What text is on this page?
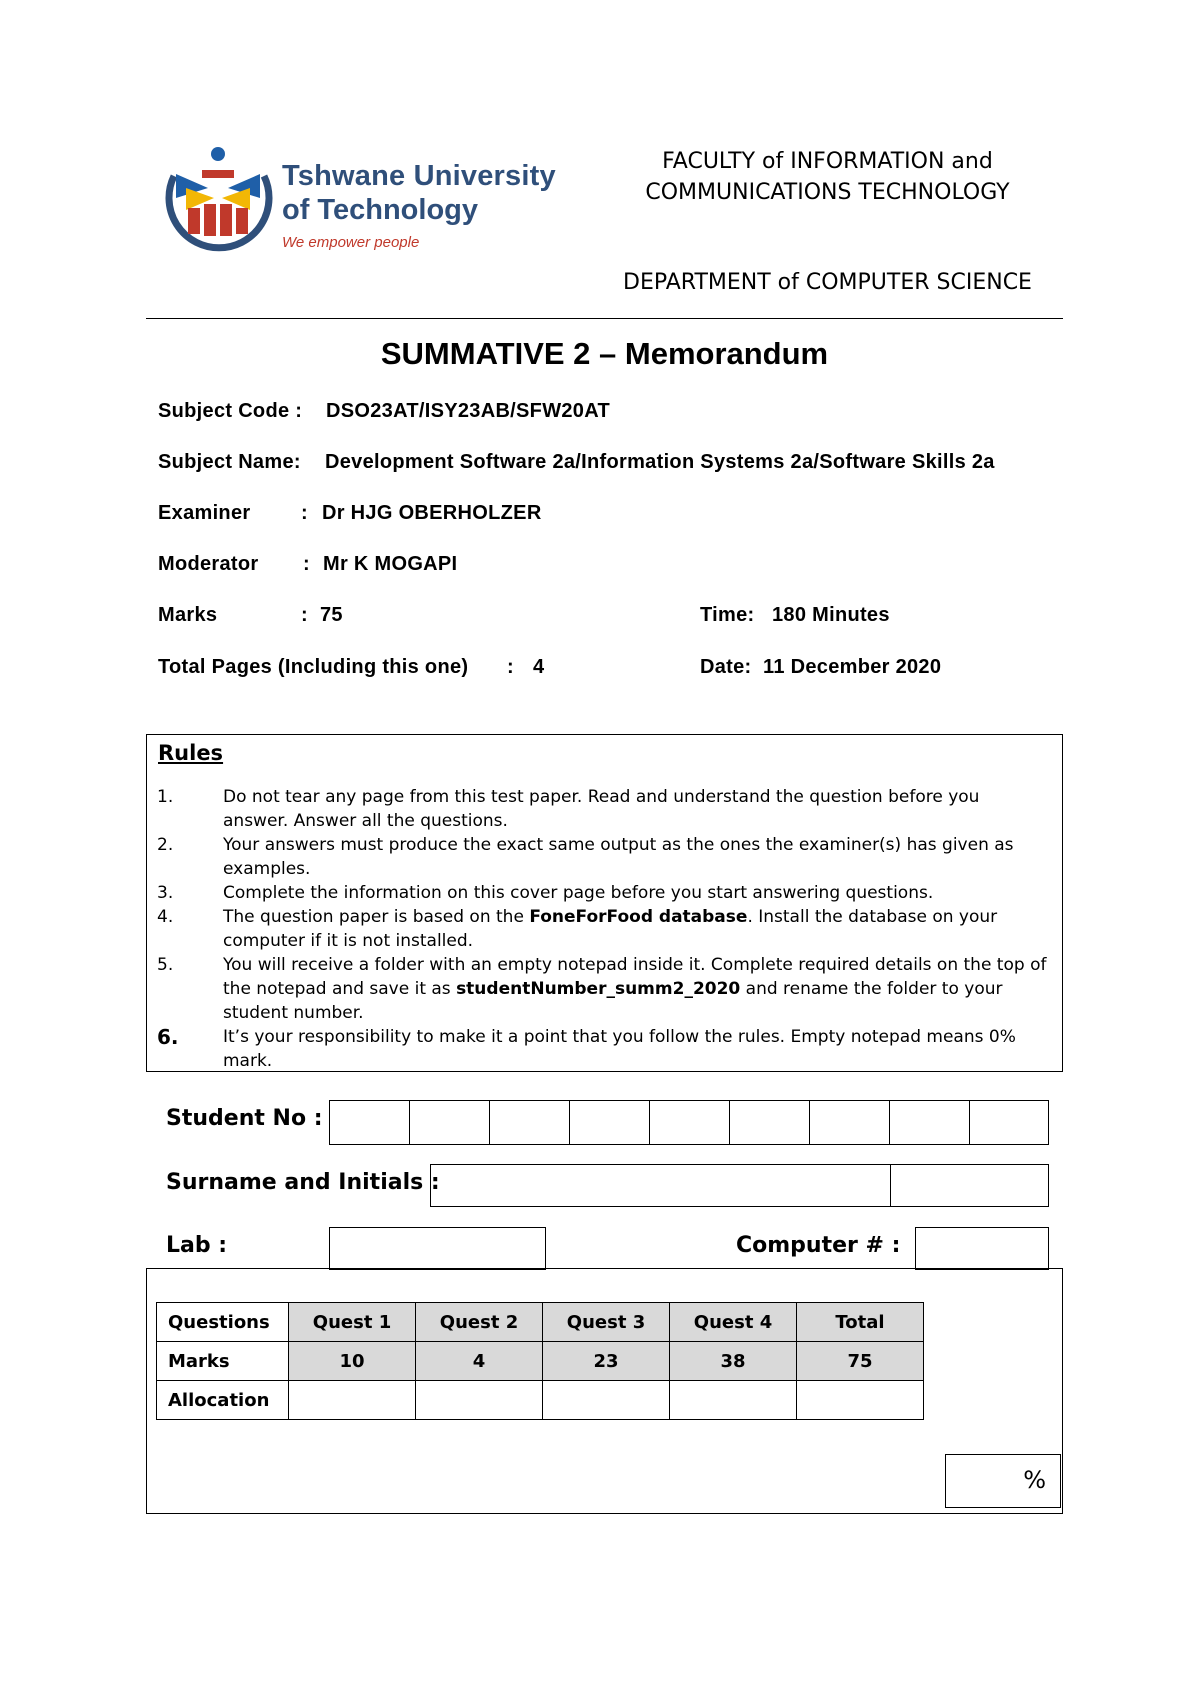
Tshwane University
of Technology
We empower people
FACULTY of INFORMATION and
COMMUNICATIONS TECHNOLOGY
DEPARTMENT of COMPUTER SCIENCE
SUMMATIVE 2 – Memorandum
Subject Code : DSO23AT/ISY23AB/SFW20AT
Subject Name: Development Software 2a/Information Systems 2a/Software Skills 2a
Examiner	: Dr HJG OBERHOLZER
Moderator : Mr K MOGAPI
Marks	: 75	Time: 180 Minutes
Total Pages (Including this one) : 4	Date: 11 December 2020
Rules
1.	Do not tear any page from this test paper. Read and understand the question before you answer. Answer all the questions.
2.	Your answers must produce the exact same output as the ones the examiner(s) has given as examples.
3.	Complete the information on this cover page before you start answering questions.
4.	The question paper is based on the FoneForFood database. Install the database on your computer if it is not installed.
5.	You will receive a folder with an empty notepad inside it. Complete required details on the top of the notepad and save it as studentNumber_summ2_2020 and rename the folder to your student number.
6.	It’s your responsibility to make it a point that you follow the rules. Empty notepad means 0% mark.
Student No :
Surname and Initials :
Lab :	Computer # :
Questions	Quest 1	Quest 2	Quest 3	Quest 4	Total
Marks	10	4	23	38	75
Allocation					
%
